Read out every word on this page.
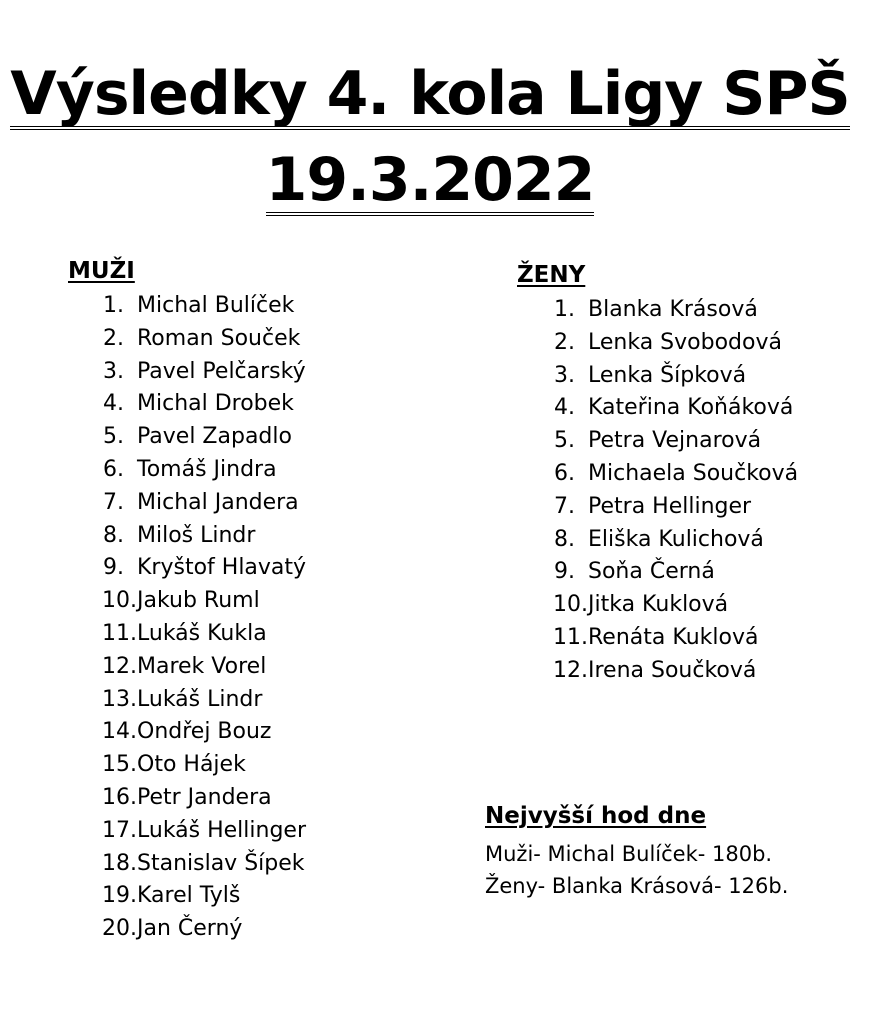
Výsledky 4. kola Ligy SPŠ
19.3.2022
MUŽI
1. Michal Bulíček
2. Roman Souček
3. Pavel Pelčarský
4. Michal Drobek
5. Pavel Zapadlo
6. Tomáš Jindra
7. Michal Jandera
8. Miloš Lindr
9. Kryštof Hlavatý
10. Jakub Ruml
11. Lukáš Kukla
12. Marek Vorel
13. Lukáš Lindr
14. Ondřej Bouz
15. Oto Hájek
16. Petr Jandera
17. Lukáš Hellinger
18. Stanislav Šípek
19. Karel Tylš
20. Jan Černý
ŽENY
1. Blanka Krásová
2. Lenka Svobodová
3. Lenka Šípková
4. Kateřina Koňáková
5. Petra Vejnarová
6. Michaela Součková
7. Petra Hellinger
8. Eliška Kulichová
9. Soňa Černá
10. Jitka Kuklová
11. Renáta Kuklová
12. Irena Součková
Nejvyšší hod dne
Muži- Michal Bulíček- 180b.
Ženy- Blanka Krásová- 126b.
